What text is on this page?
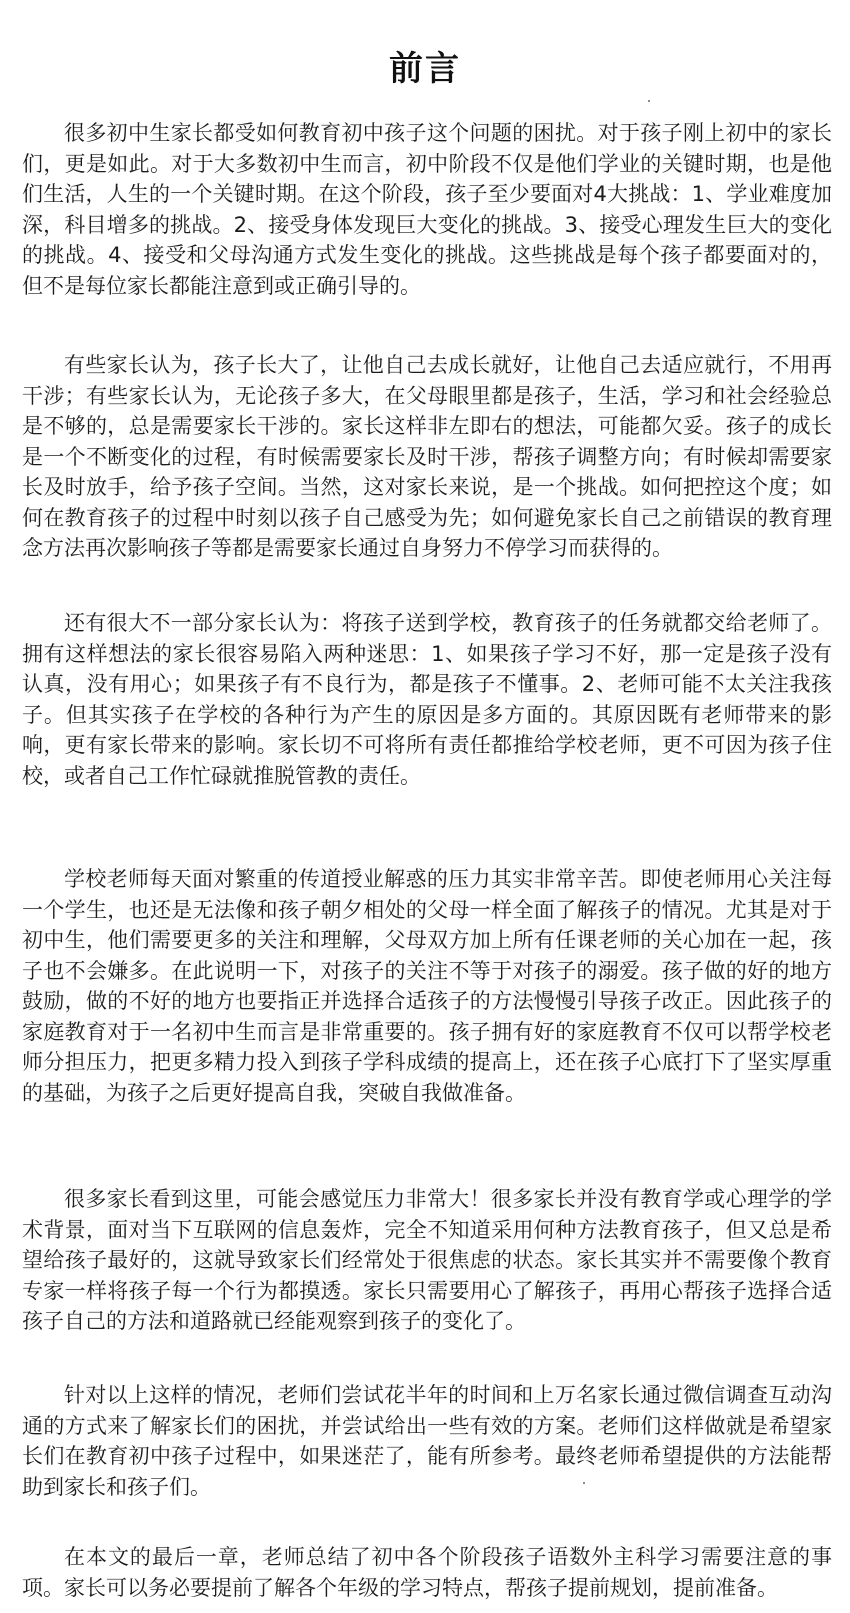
前言

很多初中生家长都受如何教育初中孩子这个问题的困扰。对于孩子刚上初中的家长们，更是如此。对于大多数初中生而言，初中阶段不仅是他们学业的关键时期，也是他们生活，人生的一个关键时期。在这个阶段，孩子至少要面对4大挑战：1、学业难度加深，科目增多的挑战。2、接受身体发现巨大变化的挑战。3、接受心理发生巨大的变化的挑战。4、接受和父母沟通方式发生变化的挑战。这些挑战是每个孩子都要面对的，但不是每位家长都能注意到或正确引导的。

有些家长认为，孩子长大了，让他自己去成长就好，让他自己去适应就行，不用再干涉；有些家长认为，无论孩子多大，在父母眼里都是孩子，生活，学习和社会经验总是不够的，总是需要家长干涉的。家长这样非左即右的想法，可能都欠妥。孩子的成长是一个不断变化的过程，有时候需要家长及时干涉，帮孩子调整方向；有时候却需要家长及时放手，给予孩子空间。当然，这对家长来说，是一个挑战。如何把控这个度；如何在教育孩子的过程中时刻以孩子自己感受为先；如何避免家长自己之前错误的教育理念方法再次影响孩子等都是需要家长通过自身努力不停学习而获得的。

还有很大不一部分家长认为：将孩子送到学校，教育孩子的任务就都交给老师了。拥有这样想法的家长很容易陷入两种迷思：1、如果孩子学习不好，那一定是孩子没有认真，没有用心；如果孩子有不良行为，都是孩子不懂事。2、老师可能不太关注我孩子。但其实孩子在学校的各种行为产生的原因是多方面的。其原因既有老师带来的影响，更有家长带来的影响。家长切不可将所有责任都推给学校老师，更不可因为孩子住校，或者自己工作忙碌就推脱管教的责任。

学校老师每天面对繁重的传道授业解惑的压力其实非常辛苦。即使老师用心关注每一个学生，也还是无法像和孩子朝夕相处的父母一样全面了解孩子的情况。尤其是对于初中生，他们需要更多的关注和理解，父母双方加上所有任课老师的关心加在一起，孩子也不会嫌多。在此说明一下，对孩子的关注不等于对孩子的溺爱。孩子做的好的地方鼓励，做的不好的地方也要指正并选择合适孩子的方法慢慢引导孩子改正。因此孩子的家庭教育对于一名初中生而言是非常重要的。孩子拥有好的家庭教育不仅可以帮学校老师分担压力，把更多精力投入到孩子学科成绩的提高上，还在孩子心底打下了坚实厚重的基础，为孩子之后更好提高自我，突破自我做准备。

很多家长看到这里，可能会感觉压力非常大！很多家长并没有教育学或心理学的学术背景，面对当下互联网的信息轰炸，完全不知道采用何种方法教育孩子，但又总是希望给孩子最好的，这就导致家长们经常处于很焦虑的状态。家长其实并不需要像个教育专家一样将孩子每一个行为都摸透。家长只需要用心了解孩子，再用心帮孩子选择合适孩子自己的方法和道路就已经能观察到孩子的变化了。

针对以上这样的情况，老师们尝试花半年的时间和上万名家长通过微信调查互动沟通的方式来了解家长们的困扰，并尝试给出一些有效的方案。老师们这样做就是希望家长们在教育初中孩子过程中，如果迷茫了，能有所参考。最终老师希望提供的方法能帮助到家长和孩子们。

在本文的最后一章，老师总结了初中各个阶段孩子语数外主科学习需要注意的事项。家长可以务必要提前了解各个年级的学习特点，帮孩子提前规划，提前准备。
